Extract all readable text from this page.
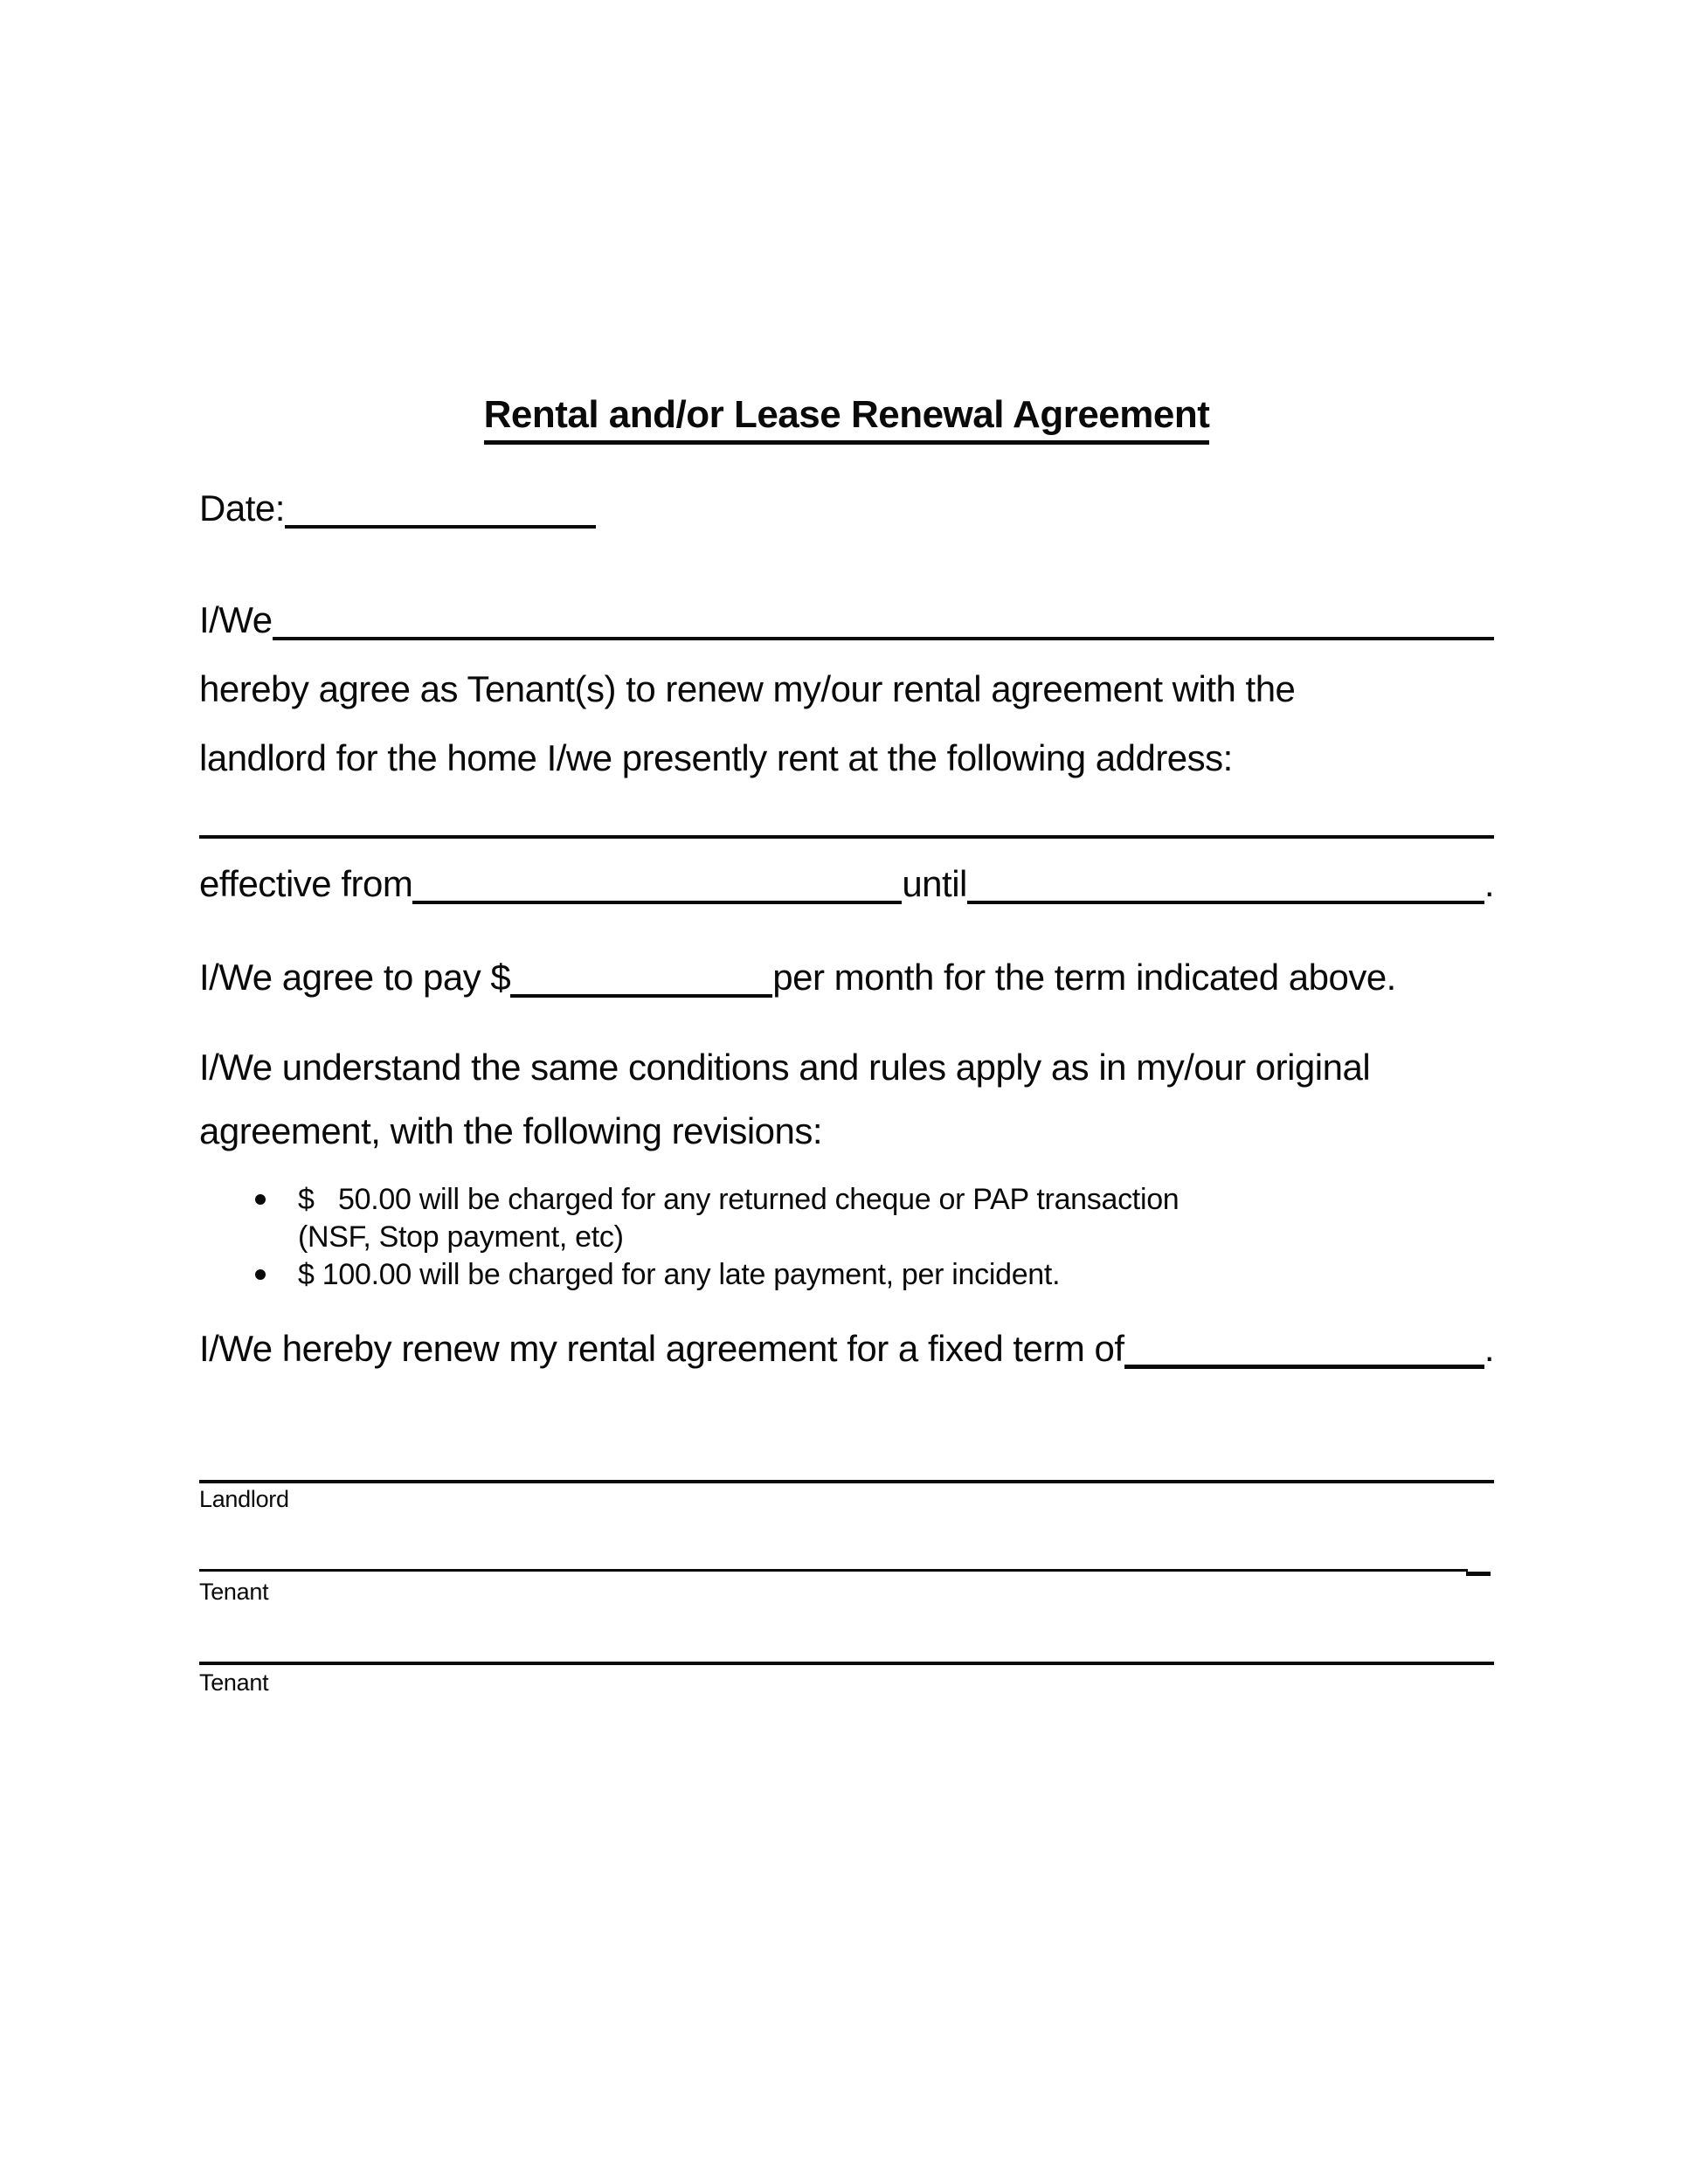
Rental and/or Lease Renewal Agreement
Date:
I/We
hereby agree as Tenant(s) to renew my/our rental agreement with the
landlord for the home I/we presently rent at the following address:
effective from	until	.
I/We agree to pay $	per month for the term indicated above.
I/We understand the same conditions and rules apply as in my/our original
agreement, with the following revisions:
$   50.00 will be charged for any returned cheque or PAP transaction
(NSF, Stop payment, etc)
$ 100.00 will be charged for any late payment, per incident.
I/We hereby renew my rental agreement for a fixed term of	.
Landlord
Tenant
Tenant
